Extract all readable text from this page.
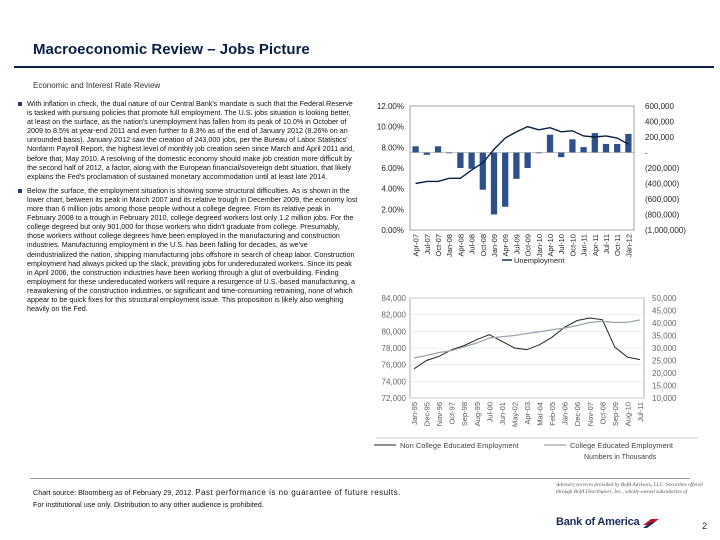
Macroeconomic Review – Jobs Picture
Economic and Interest Rate Review
With inflation in check, the dual nature of our Central Bank's mandate is such that the Federal Reserve is tasked with pursuing policies that promote full employment. The U.S. jobs situation is looking better, at least on the surface, as the nation's unemployment has fallen from its peak of 10.0% in October of 2009 to 8.5% at year-end 2011 and even further to 8.3% as of the end of January 2012 (8.26% on an unrounded basis). January 2012 saw the creation of 243,000 jobs, per the Bureau of Labor Statistics' Nonfarm Payroll Report, the highest level of monthly job creation seen since March and April 2011 and, before that, May 2010. A resolving of the domestic economy should make job creation more difficult by the second half of 2012, a factor, along with the European financial/sovereign debt situation, that likely explains the Fed's proclamation of sustained monetary accommodation until at least late 2014.
Below the surface, the employment situation is showing some structural difficulties. As is shown in the lower chart, between its peak in March 2007 and its relative trough in December 2009, the economy lost more than 6 million jobs among those people without a college degree. From its relative peak in February 2008 to a trough in February 2010, college degreed workers lost only 1.2 million jobs. For the college degreed but only 901,000 for those workers who didn't graduate from college. Presumably, those workers without college degrees have been employed in the manufacturing and construction industries. Manufacturing employment in the U.S. has been falling for decades, as we've deindustrialized the nation, shipping manufacturing jobs offshore in search of cheap labor. Construction employment had always picked up the slack, providing jobs for undereducated workers. Since its peak in April 2006, the construction industries have been working through a glut of overbuilding. Finding employment for these undereducated workers will require a resurgence of U.S.-based manufacturing, a reawakening of the construction industries, or significant and time-consuming retraining, none of which appear to be quick fixes for this structural employment issue. This proposition is likely also weighing heavily on the Fed.
12.00%
10.00%
8.00%
6.00%
4.00%
2.00%
0.00%
600,000
400,000
200,000
-
(200,000)
(400,000)
(600,000)
(800,000)
(1,000,000)
Apr-07 Jul-07 Oct-07 Jan-08 Apr-08 Jul-08 Oct-08 Jan-09 Apr-09 Jul-09 Oct-09 Jan-10 Apr-10 Jul-10 Oct-10 Jan-11 Apr-11 Jul-11 Oct-11 Jan-12
Unemployment
84,000
82,000
80,000
78,000
76,000
74,000
72,000
50,000
45,000
40,000
35,000
30,000
25,000
20,000
15,000
10,000
Jan-95 Dec-95 Nov-96 Oct-97 Sep-98 Aug-99 Jul-00 Jun-01 May-02 Apr-03 Mar-04 Feb-05 Jan-06 Dec-06 Nov-07 Oct-08 Sep-09 Aug-10 Jul-11
Non College Educated Employment	College Educated Employment
Numbers in Thousands
Chart source: Bloomberg as of February 29, 2012. Past performance is no guarantee of future results.
For institutional use only. Distribution to any other audience is prohibited.
Advisory services provided by BofA Advisors, LLC. Securities offered through BofA Distributors, Inc., wholly-owned subsidiaries of
Bank of America	2
